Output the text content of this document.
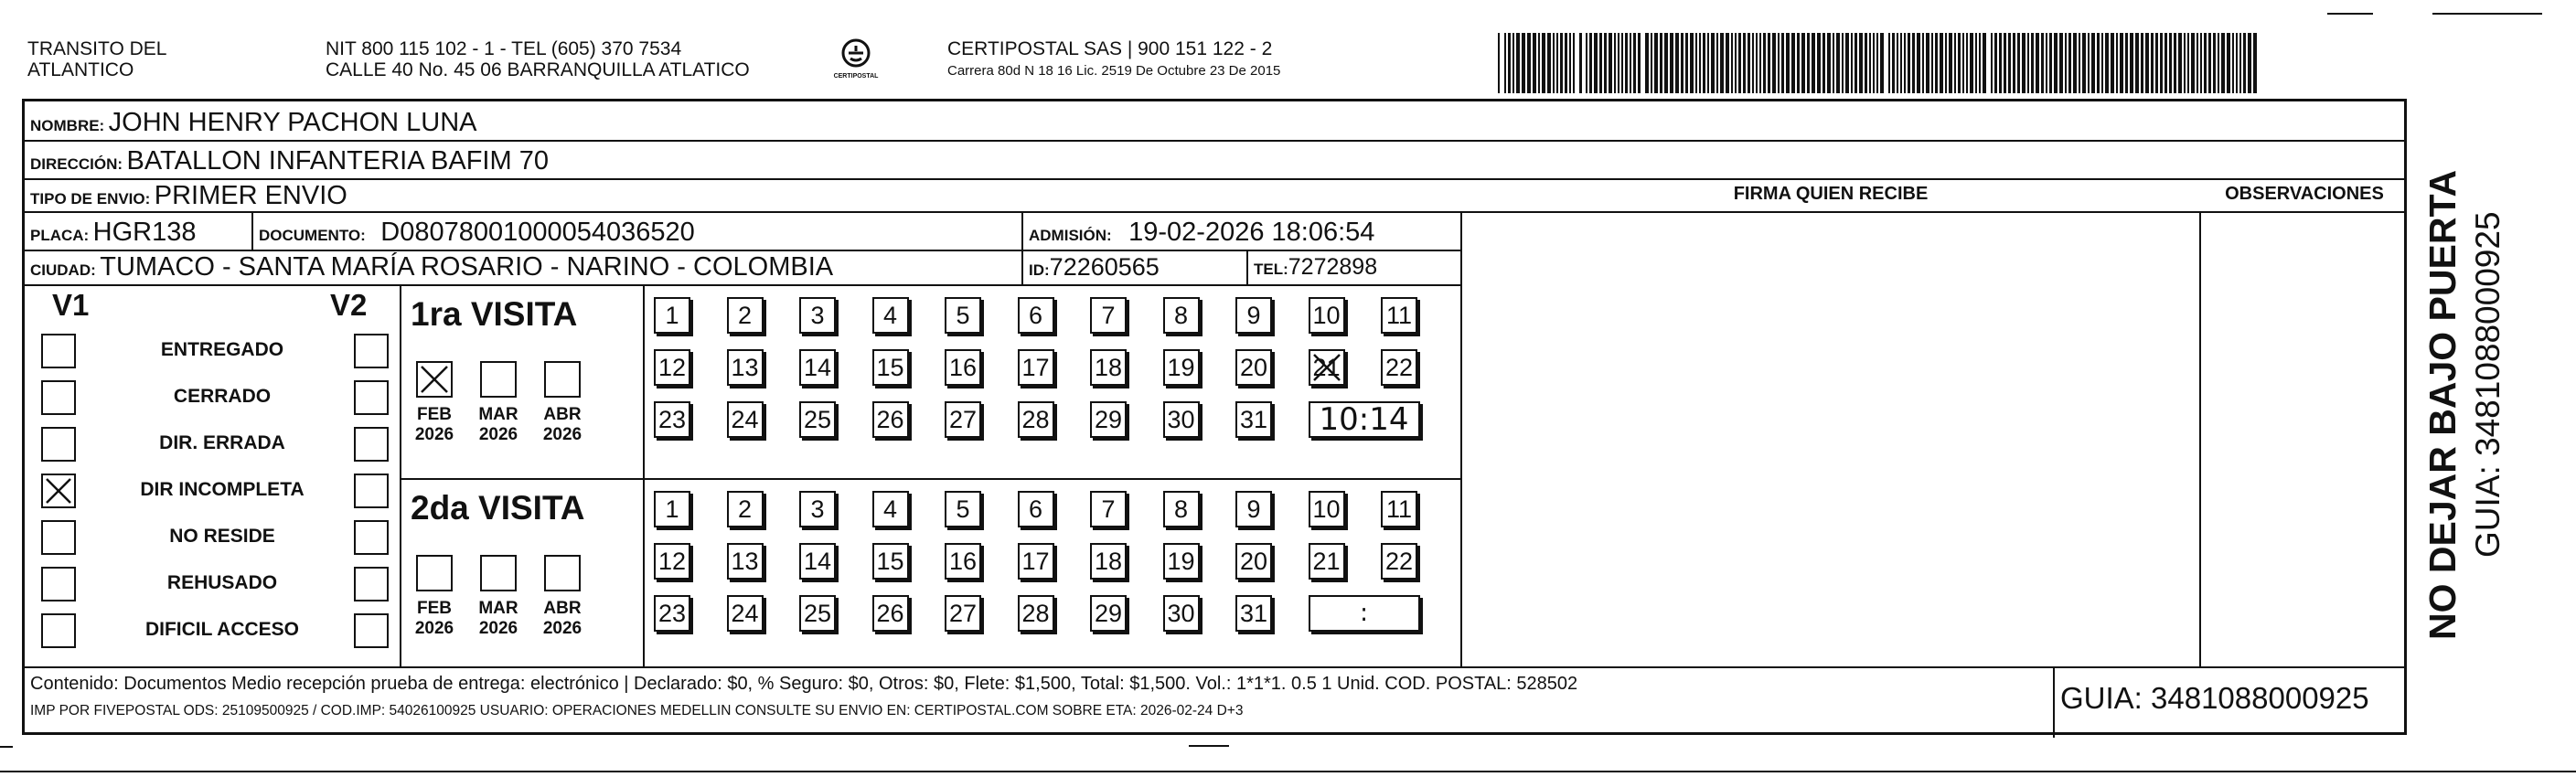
TRANSITO DEL
ATLANTICO
NIT 800 115 102 - 1 - TEL (605) 370 7534
CALLE 40 No. 45 06 BARRANQUILLA ATLATICO	CERTIPOSTAL
CERTIPOSTAL SAS | 900 151 122 - 2
Carrera 80d N 18 16 Lic. 2519 De Octubre 23 De 2015
NOMBRE: JOHN HENRY PACHON LUNA
DIRECCIÓN: BATALLON INFANTERIA BAFIM 70
TIPO DE ENVIO: PRIMER ENVIO
PLACA: HGR138	DOCUMENTO: D08078001000054036520	ADMISIÓN: 19-02-2026 18:06:54
CIUDAD: TUMACO - SANTA MARÍA ROSARIO - NARINO - COLOMBIA	ID:72260565	TEL:7272898
FIRMA QUIEN RECIBE	OBSERVACIONES
V1	V2
ENTREGADO
CERRADO
DIR. ERRADA
DIR INCOMPLETA
NO RESIDE
REHUSADO
DIFICIL ACCESO
1ra VISITA
2da VISITA
FEB
2026
MAR
2026
ABR
2026
FEB
2026
MAR
2026
ABR
2026
1	2	3	4	5	6	7	8	9	10 11
12 13 14 15 16 17 18 19 20 21 22
23 24 25 26 27 28 29 30 31	10:14
1	2	3	4	5	6	7	8	9	10 11
12 13 14 15 16 17 18 19 20 21 22
23 24 25 26 27 28 29 30 31	:
Contenido: Documentos Medio recepción prueba de entrega: electrónico | Declarado: $0, % Seguro: $0, Otros: $0, Flete: $1,500, Total: $1,500. Vol.: 1*1*1. 0.5 1 Unid. COD. POSTAL: 528502
IMP POR FIVEPOSTAL ODS: 25109500925 / COD.IMP: 54026100925 USUARIO: OPERACIONES MEDELLIN CONSULTE SU ENVIO EN: CERTIPOSTAL.COM SOBRE ETA: 2026-02-24 D+3	GUIA: 3481088000925
NO DEJAR BAJO PUERTA GUIA: 3481088000925
